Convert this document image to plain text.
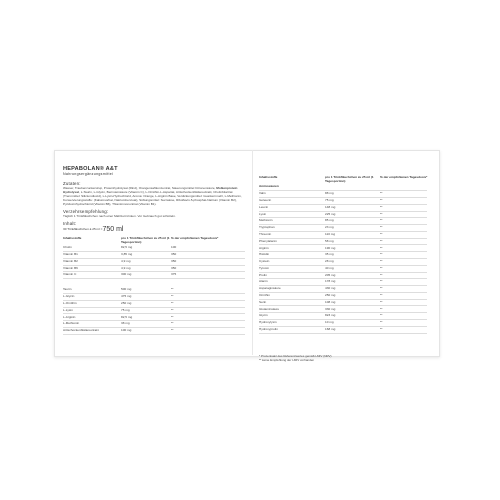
HEPABOLAN® A&T
Nahrungsergänzungsmittel
Zutaten:
Wasser, Traubenzuckersirup, Proteinhydrolysat (Rind), Orangensaftkonzentrat, Säuerungsmittel Citronensäure, Molkenprotein Hydrolysat, L-Taurin, L-Glycin, Bernsteinsäure (Vitamin C), L-Ornithin-L-Aspartat, Artischockenblätterextrakt, Cholinbitartrat (Trennmittel: Siliciumdioxid), L-Lysin-Hydrochlorid, Aroma: Orange, L-Arginin Base, Verdickungsmittel: Guarkernmehl, L-Methionin, Konservierungsstoffe: (Kaliumsorbat, Natriumbenzoat), Süßungsmittel: Sucralose, Riboflavin-5-phosphat-Natrium (Vitamin B2), Pyridoxinhydrochlorid (Vitamin B6), Thiaminmononitrat (Vitamin B1).
Verzehrsempfehlung:
Täglich 1 Trinkfläschchen nach einer Mahlzeit trinken. Vor Gebrauch gut schütteln.
Inhalt:
30 Trinkfläschchen à 25 ml =750 ml
Inhaltsstoffe	pro 1 Trinkfläschchen zu 25 ml (1 Tagesportion)	% der empfohlenen Tagesdosis*
Cholin	82,5 mg	100
Vitamin B1	3,85 mg	350
Vitamin B2	4,9 mg	350
Vitamin B6	4,9 mg	350
Vitamin C	300 mg	375

Taurin	500 mg	**
L-Glycin	475 mg	**
L-Ornithin	250 mg	**
L-Lysin	75 mg	**
L-Arginin	82,5 mg	**
L-Methionin	38 mg	**
Artischockenblätterextrakt	100 mg	**
Inhaltsstoffe	pro 1 Trinkfläschchen zu 25 ml (1 Tagesportion)	% der empfohlenen Tagesdosis*
Aminosäuren		
Valin	88 mg	**
Isoleucin	75 mg	**
Leucin	148 mg	**
Lysin	225 mg	**
Methionin	85 mg	**
Tryptophan	23 mg	**
Threonin	110 mg	**
Phenylalanin	58 mg	**
Arginin	190 mg	**
Histidin	35 mg	**
Cystein	28 mg	**
Tyrosin	40 mg	**
Prolin	205 mg	**
Alanin	178 mg	**
Asparaginsäure	430 mg	**
Ornithin	250 mg	**
Serin	108 mg	**
Glutaminsäure	330 mg	**
Glycin	823 mg	**
Hydroxylysin	10 mg	**
Hydroxyprolin	168 mg	**
* Prozentsatz des Referenzwertes gemäß LMIV (NRV)
** keine Empfehlung der LMIV vorhanden
